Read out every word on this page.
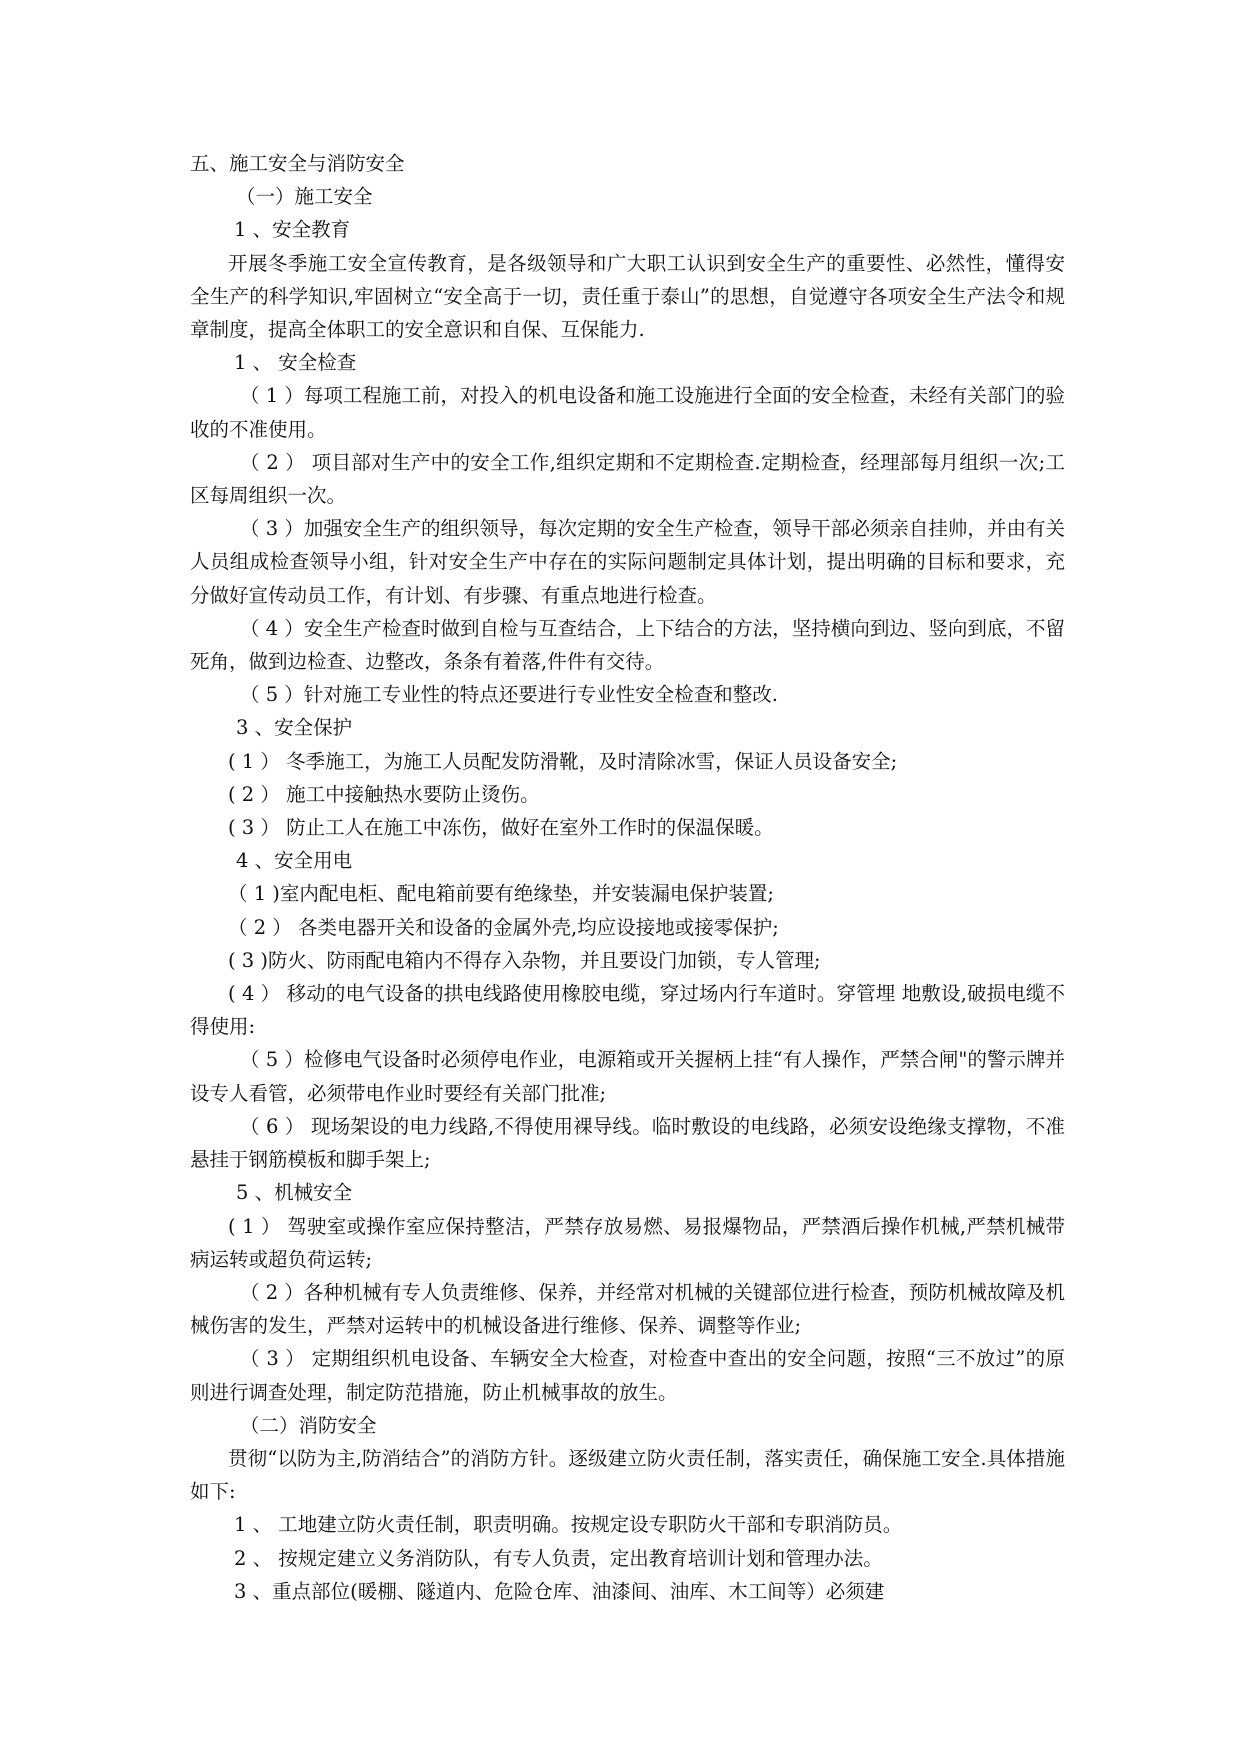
五、施工安全与消防安全

（一）施工安全

1 、安全教育

开展冬季施工安全宣传教育，是各级领导和广大职工认识到安全生产的重要性、必然性，懂得安全生产的科学知识,牢固树立“安全高于一切，责任重于泰山”的思想，自觉遵守各项安全生产法令和规章制度，提高全体职工的安全意识和自保、互保能力.

1 、 安全检查

（ 1 ）每项工程施工前，对投入的机电设备和施工设施进行全面的安全检查，未经有关部门的验收的不准使用。

（ 2 ） 项目部对生产中的安全工作,组织定期和不定期检查.定期检查，经理部每月组织一次;工区每周组织一次。

（ 3 ）加强安全生产的组织领导，每次定期的安全生产检查，领导干部必须亲自挂帅，并由有关人员组成检查领导小组，针对安全生产中存在的实际问题制定具体计划，提出明确的目标和要求，充分做好宣传动员工作，有计划、有步骤、有重点地进行检查。

（ 4 ）安全生产检查时做到自检与互查结合，上下结合的方法，坚持横向到边、竖向到底，不留死角，做到边检查、边整改，条条有着落,件件有交待。

（ 5 ）针对施工专业性的特点还要进行专业性安全检查和整改.

3 、安全保护

( 1 ） 冬季施工，为施工人员配发防滑靴，及时清除冰雪，保证人员设备安全;

( 2 ） 施工中接触热水要防止烫伤。

( 3 ） 防止工人在施工中冻伤，做好在室外工作时的保温保暖。

4 、安全用电

（ 1 )室内配电柜、配电箱前要有绝缘垫，并安装漏电保护装置;

（ 2 ） 各类电器开关和设备的金属外壳,均应设接地或接零保护;

( 3 )防火、防雨配电箱内不得存入杂物，并且要设门加锁，专人管理;

( 4 ） 移动的电气设备的拱电线路使用橡胶电缆，穿过场内行车道时。穿管埋 地敷设,破损电缆不得使用:

（ 5 ）检修电气设备时必须停电作业，电源箱或开关握柄上挂“有人操作，严禁合闸"的警示牌并设专人看管，必须带电作业时要经有关部门批准;

（ 6 ） 现场架设的电力线路,不得使用裸导线。临时敷设的电线路，必须安设绝缘支撑物，不准悬挂于钢筋模板和脚手架上;

5 、机械安全

( 1 ） 驾驶室或操作室应保持整洁，严禁存放易燃、易报爆物品，严禁酒后操作机械,严禁机械带病运转或超负荷运转;

（ 2 ）各种机械有专人负责维修、保养，并经常对机械的关键部位进行检查，预防机械故障及机械伤害的发生，严禁对运转中的机械设备进行维修、保养、调整等作业;

（ 3 ） 定期组织机电设备、车辆安全大检查，对检查中查出的安全问题，按照“三不放过”的原则进行调查处理，制定防范措施，防止机械事故的放生。

（二）消防安全

贯彻“以防为主,防消结合”的消防方针。逐级建立防火责任制，落实责任，确保施工安全.具体措施如下:

1 、 工地建立防火责任制，职责明确。按规定设专职防火干部和专职消防员。

2 、 按规定建立义务消防队，有专人负责，定出教育培训计划和管理办法。

3 、重点部位(暖棚、隧道内、危险仓库、油漆间、油库、木工间等）必须建
